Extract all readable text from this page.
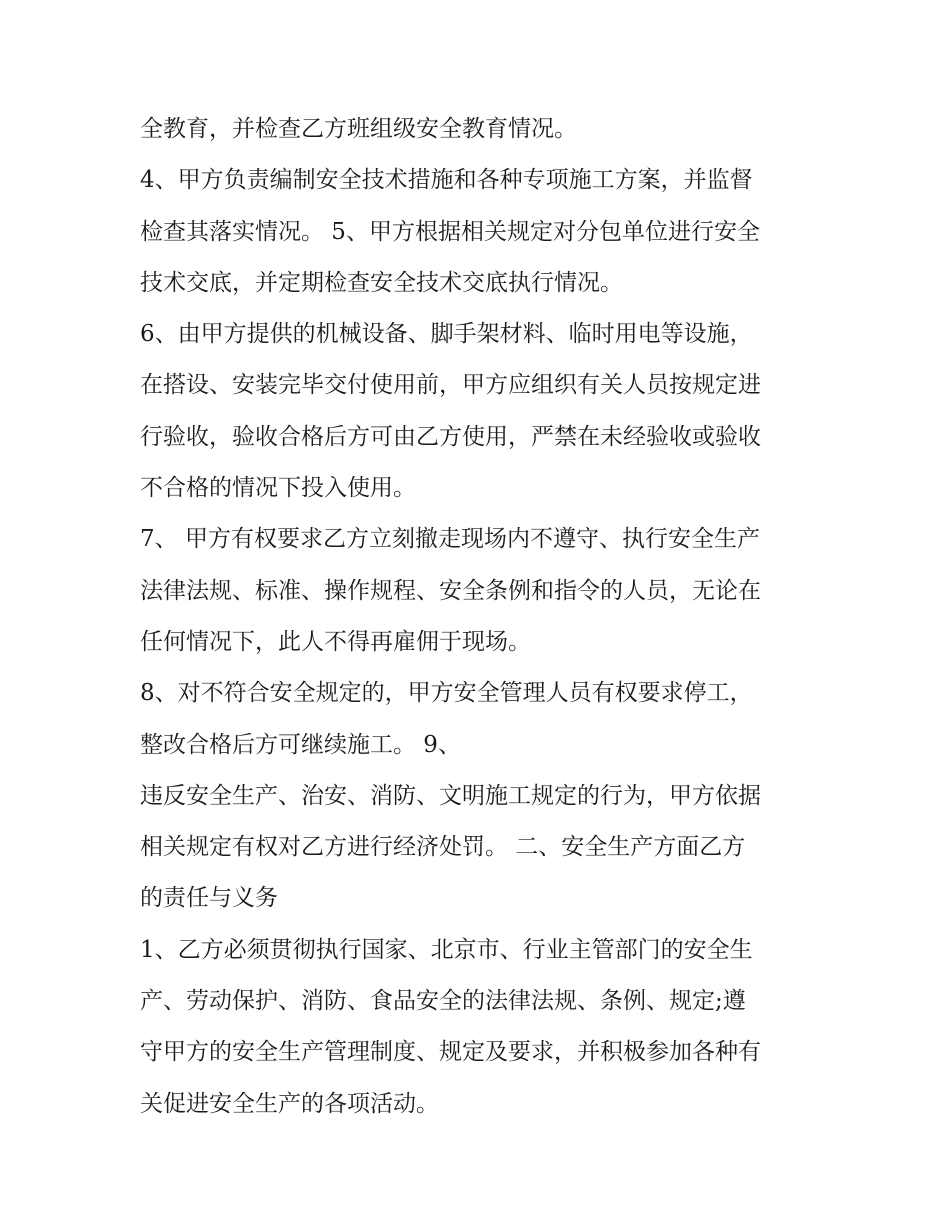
全教育，并检查乙方班组级安全教育情况。
4、甲方负责编制安全技术措施和各种专项施工方案，并监督
检查其落实情况。 5、甲方根据相关规定对分包单位进行安全
技术交底，并定期检查安全技术交底执行情况。
6、由甲方提供的机械设备、脚手架材料、临时用电等设施，
在搭设、安装完毕交付使用前，甲方应组织有关人员按规定进
行验收，验收合格后方可由乙方使用，严禁在未经验收或验收
不合格的情况下投入使用。
7、 甲方有权要求乙方立刻撤走现场内不遵守、执行安全生产
法律法规、标准、操作规程、安全条例和指令的人员，无论在
任何情况下，此人不得再雇佣于现场。
8、对不符合安全规定的，甲方安全管理人员有权要求停工，
整改合格后方可继续施工。 9、
违反安全生产、治安、消防、文明施工规定的行为，甲方依据
相关规定有权对乙方进行经济处罚。 二、安全生产方面乙方
的责任与义务
1、乙方必须贯彻执行国家、北京市、行业主管部门的安全生
产、劳动保护、消防、食品安全的法律法规、条例、规定;遵
守甲方的安全生产管理制度、规定及要求，并积极参加各种有
关促进安全生产的各项活动。
